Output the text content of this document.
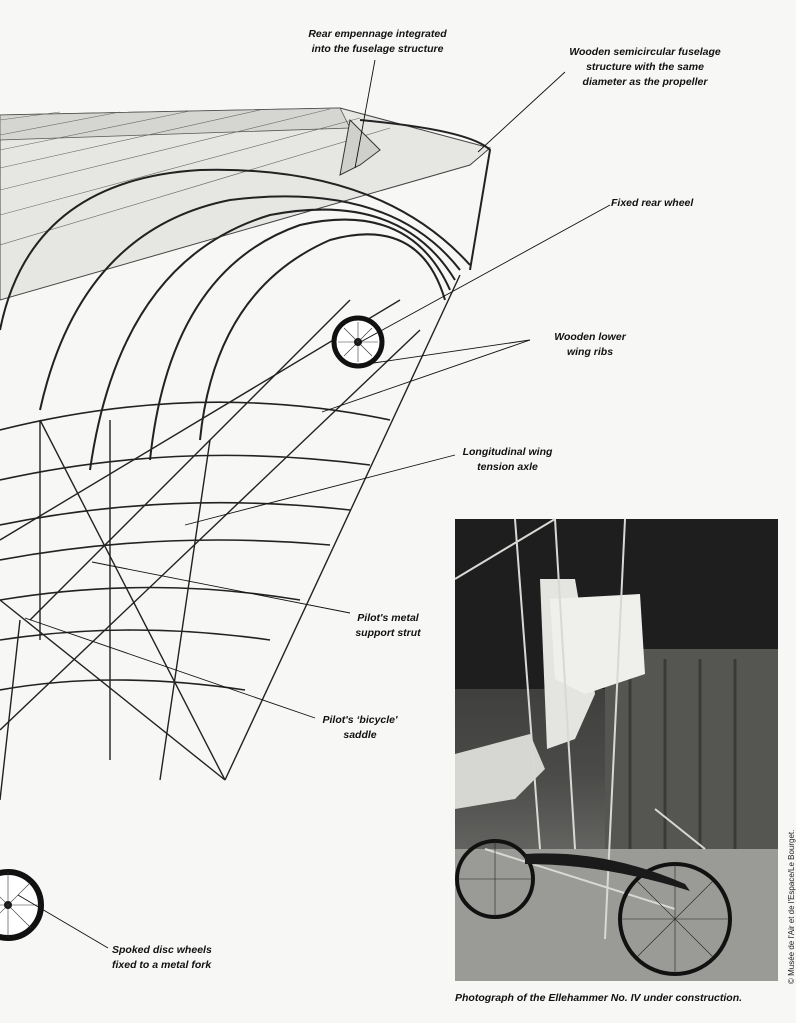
Rear empennage integrated
into the fuselage structure	Wooden semicircular fuselage
structure with the same
diameter as the propeller
Fixed rear wheel
Wooden lower
wing ribs
Longitudinal wing
tension axle
Pilot's metal
support strut
Pilot's ‘bicycle'
saddle
Spoked disc wheels
fixed to a metal fork
Photograph of the Ellehammer No. IV under construction.
© Musée de l'Air et de l'Espace/Le Bourget.
